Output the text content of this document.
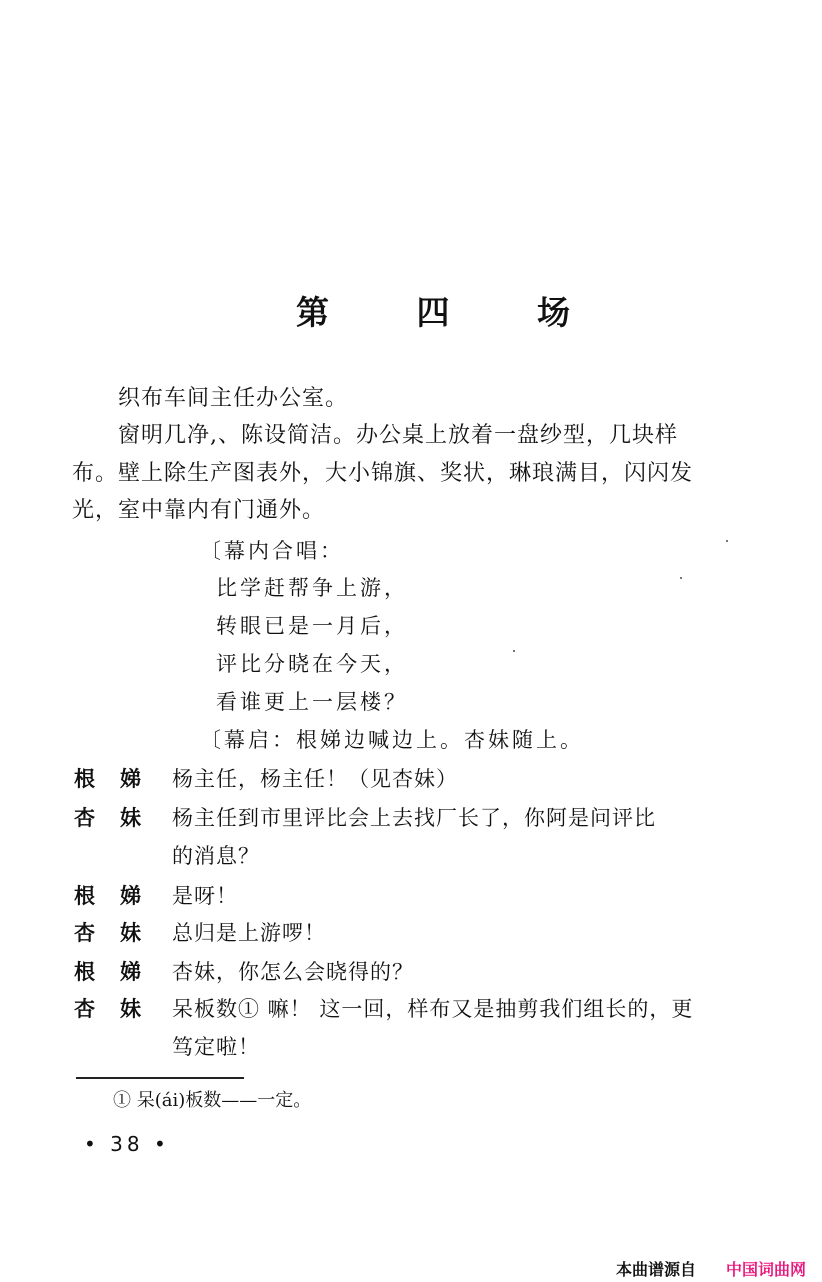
第 四 场
织布车间主任办公室。
窗明几净,、陈设简洁。办公桌上放着一盘纱型，几块样
布。壁上除生产图表外，大小锦旗、奖状，琳琅满目，闪闪发
光，室中靠内有门通外。
〔幕内合唱：
比学赶帮争上游，
转眼已是一月后，
评比分晓在今天，
看谁更上一层楼？
〔幕启：根娣边喊边上。杏妹随上。
根 娣	杨主任，杨主任！（见杏妹）
杏 妹	杨主任到市里评比会上去找厂长了，你阿是问评比
的消息？
根 娣	是呀！
杏 妹	总归是上游啰！
根 娣	杏妹，你怎么会晓得的？
杏 妹	呆板数① 嘛！ 这一回，样布又是抽剪我们组长的，更
笃定啦！
① 呆(ái)板数——一定。
• 38 •
本曲谱源自 中国词曲网
